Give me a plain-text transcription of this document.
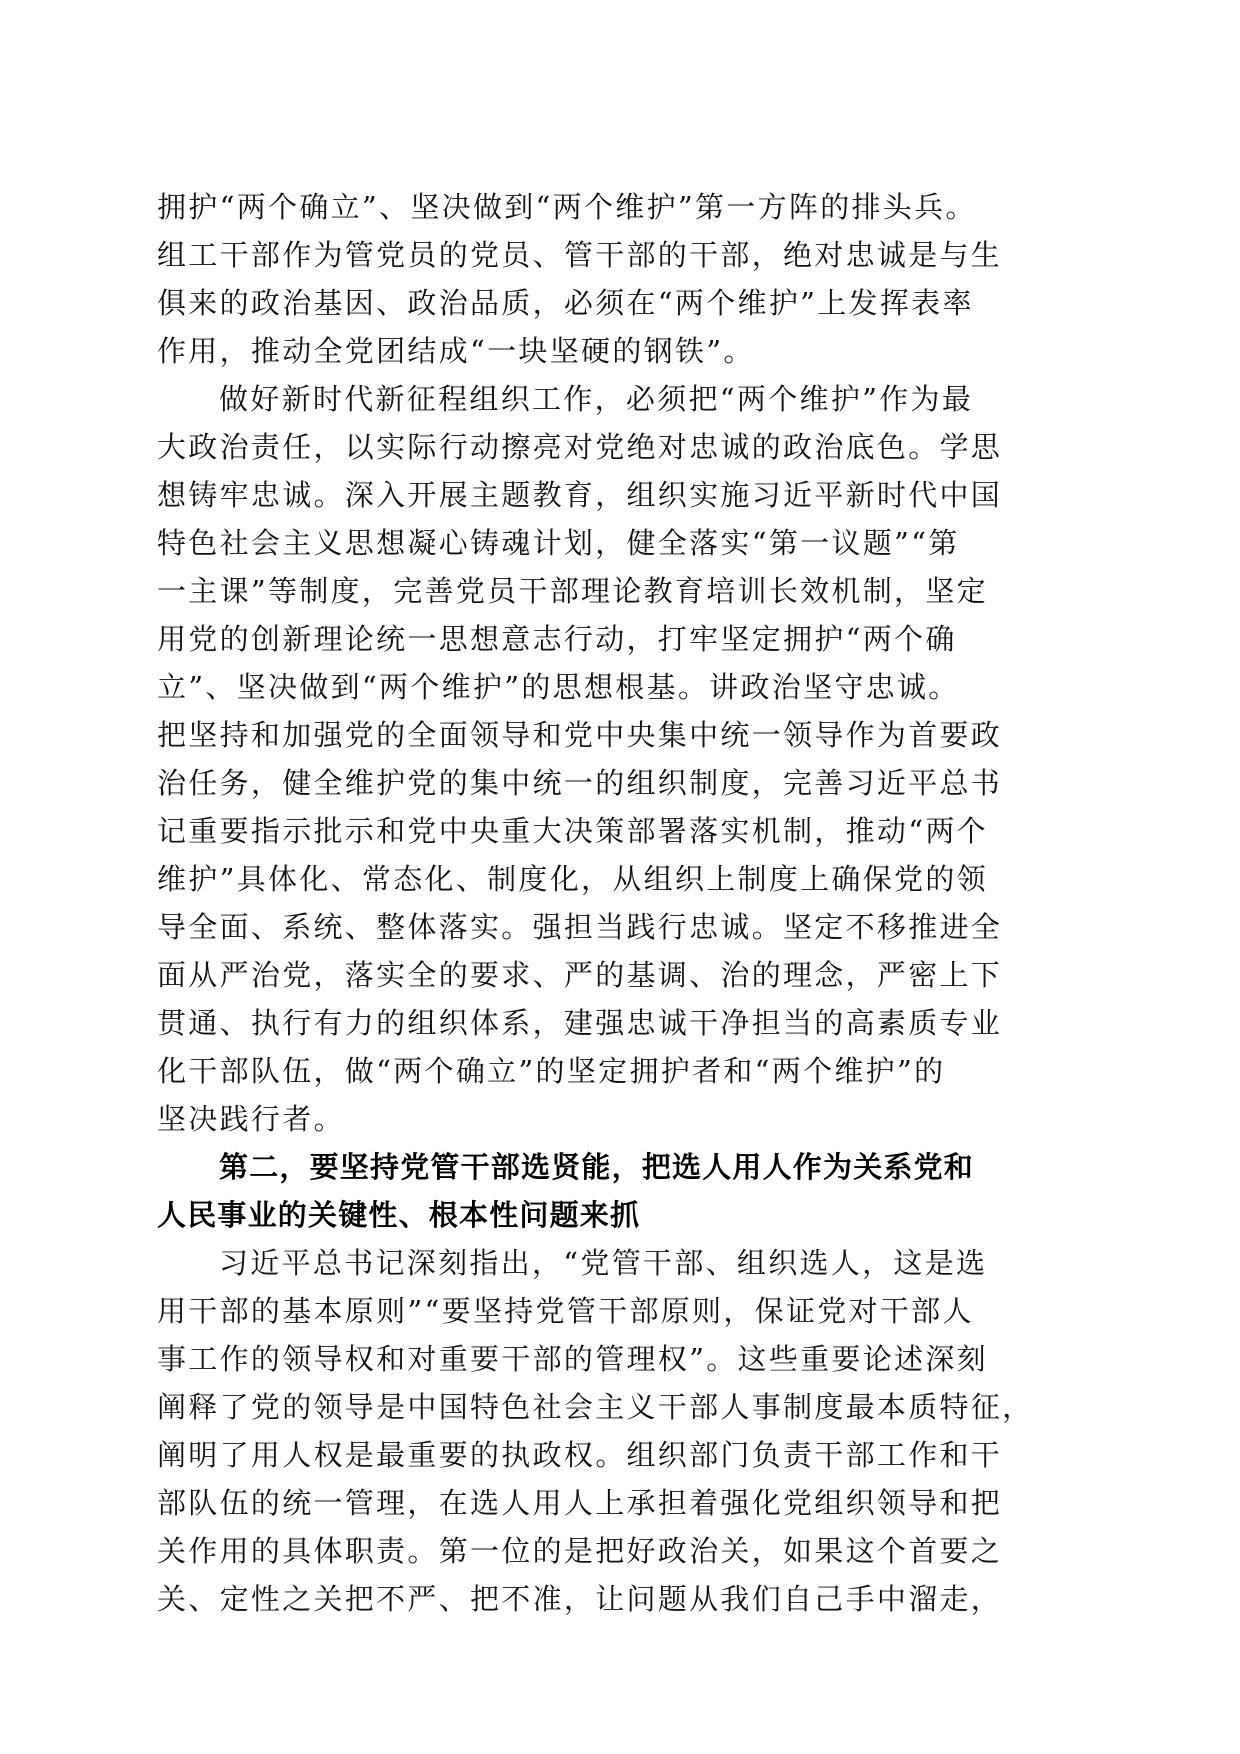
拥护“两个确立”、坚决做到“两个维护”第一方阵的排头兵。
组工干部作为管党员的党员、管干部的干部，绝对忠诚是与生
俱来的政治基因、政治品质，必须在“两个维护”上发挥表率
作用，推动全党团结成“一块坚硬的钢铁”。
做好新时代新征程组织工作，必须把“两个维护”作为最
大政治责任，以实际行动擦亮对党绝对忠诚的政治底色。学思
想铸牢忠诚。深入开展主题教育，组织实施习近平新时代中国
特色社会主义思想凝心铸魂计划，健全落实“第一议题”“第
一主课”等制度，完善党员干部理论教育培训长效机制，坚定
用党的创新理论统一思想意志行动，打牢坚定拥护“两个确
立”、坚决做到“两个维护”的思想根基。讲政治坚守忠诚。
把坚持和加强党的全面领导和党中央集中统一领导作为首要政
治任务，健全维护党的集中统一的组织制度，完善习近平总书
记重要指示批示和党中央重大决策部署落实机制，推动“两个
维护”具体化、常态化、制度化，从组织上制度上确保党的领
导全面、系统、整体落实。强担当践行忠诚。坚定不移推进全
面从严治党，落实全的要求、严的基调、治的理念，严密上下
贯通、执行有力的组织体系，建强忠诚干净担当的高素质专业
化干部队伍，做“两个确立”的坚定拥护者和“两个维护”的
坚决践行者。
第二，要坚持党管干部选贤能，把选人用人作为关系党和
人民事业的关键性、根本性问题来抓
习近平总书记深刻指出，“党管干部、组织选人，这是选
用干部的基本原则”“要坚持党管干部原则，保证党对干部人
事工作的领导权和对重要干部的管理权”。这些重要论述深刻
阐释了党的领导是中国特色社会主义干部人事制度最本质特征，
阐明了用人权是最重要的执政权。组织部门负责干部工作和干
部队伍的统一管理，在选人用人上承担着强化党组织领导和把
关作用的具体职责。第一位的是把好政治关，如果这个首要之
关、定性之关把不严、把不准，让问题从我们自己手中溜走，
